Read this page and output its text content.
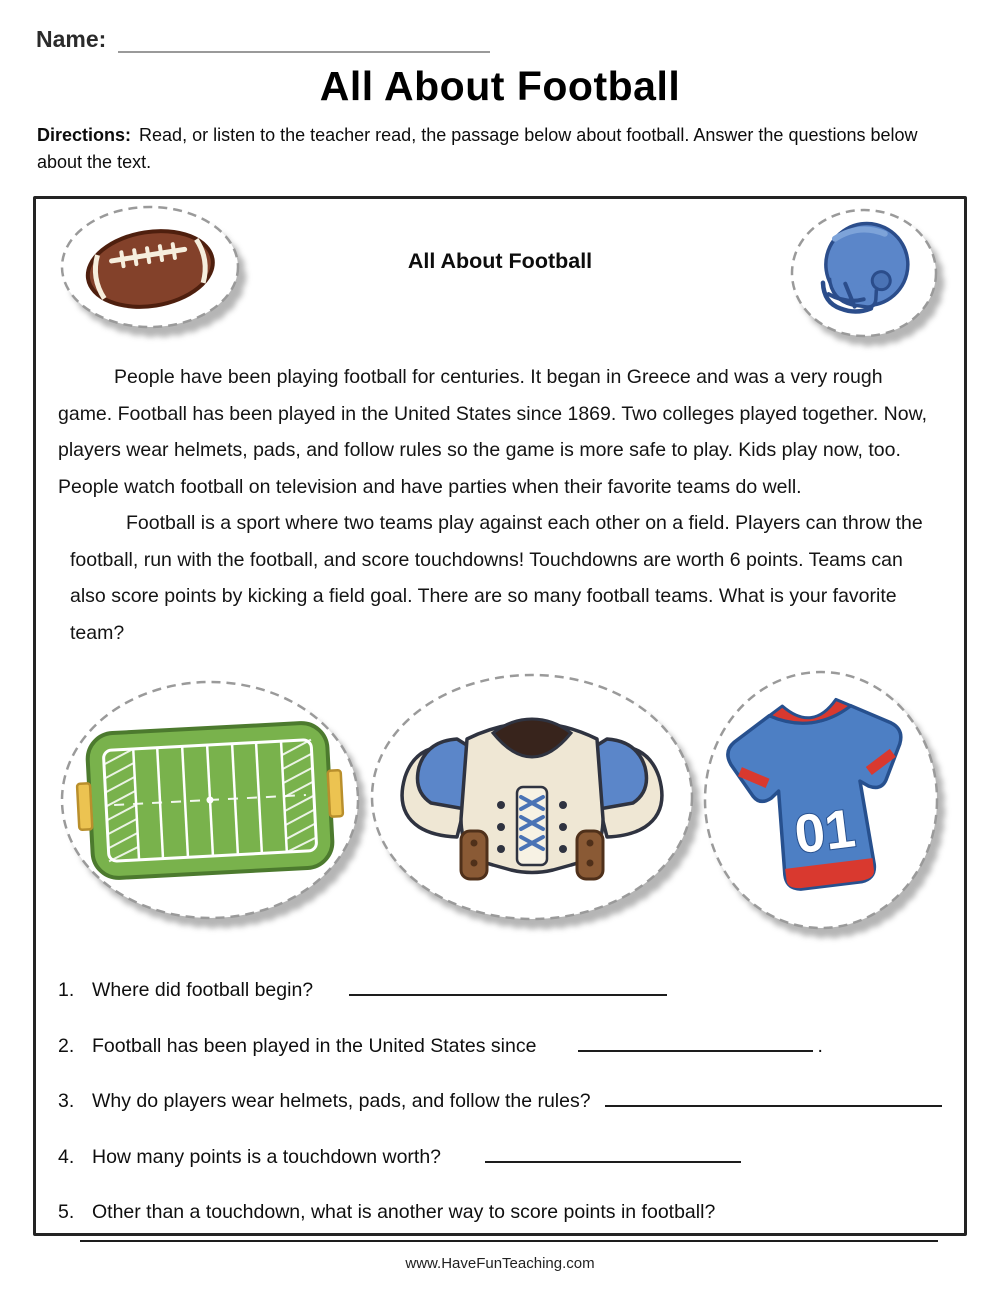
Name:
All About Football

Directions: Read, or listen to the teacher read, the passage below about football. Answer the questions below about the text.

All About Football

People have been playing football for centuries. It began in Greece and was a very rough game. Football has been played in the United States since 1869. Two colleges played together. Now, players wear helmets, pads, and follow rules so the game is more safe to play. Kids play now, too. People watch football on television and have parties when their favorite teams do well.

Football is a sport where two teams play against each other on a field. Players can throw the football, run with the football, and score touchdowns! Touchdowns are worth 6 points. Teams can also score points by kicking a field goal. There are so many football teams. What is your favorite team?

01
1. Where did football begin?
2. Football has been played in the United States since	.
3. Why do players wear helmets, pads, and follow the rules?
4. How many points is a touchdown worth?
5. Other than a touchdown, what is another way to score points in football?
www.HaveFunTeaching.com
